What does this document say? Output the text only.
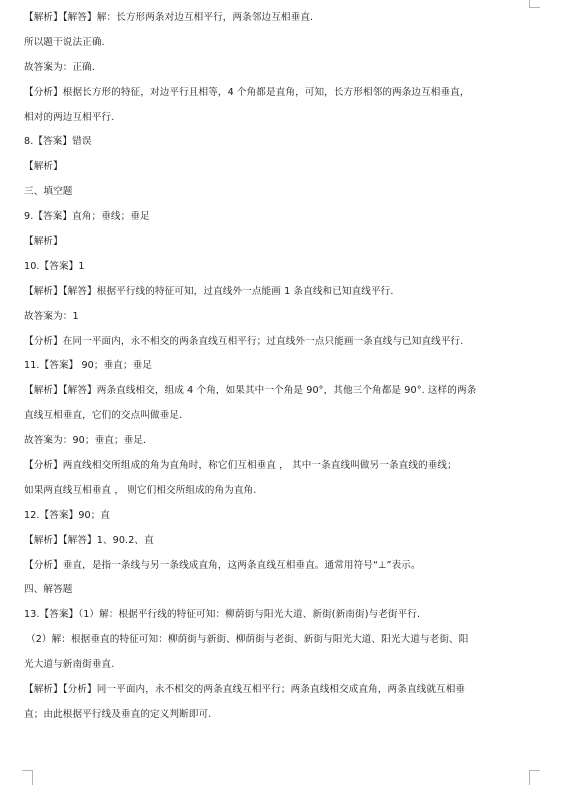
【解析】【解答】解：长方形两条对边互相平行，两条邻边互相垂直.
所以题干说法正确.
故答案为：正确.
【分析】根据长方形的特征，对边平行且相等，4 个角都是直角，可知，长方形相邻的两条边互相垂直，
相对的两边互相平行.
8.【答案】错误
【解析】
三、填空题
9.【答案】直角；垂线；垂足
【解析】
10.【答案】1
【解析】【解答】根据平行线的特征可知，过直线外一点能画 1 条直线和已知直线平行.
故答案为：1
【分析】在同一平面内，永不相交的两条直线互相平行；过直线外一点只能画一条直线与已知直线平行.
11.【答案】 90；垂直；垂足
【解析】【解答】两条直线相交，组成 4 个角，如果其中一个角是 90°，其他三个角都是 90°. 这样的两条
直线互相垂直，它们的交点叫做垂足.
故答案为：90；垂直；垂足.
【分析】两直线相交所组成的角为直角时，称它们互相垂直 ， 其中一条直线叫做另一条直线的垂线；
如果两直线互相垂直 ， 则它们相交所组成的角为直角.
12.【答案】90；直
【解析】【解答】1、90.2、直
【分析】垂直，是指一条线与另一条线成直角，这两条直线互相垂直。通常用符号“⊥”表示。
四、解答题
13.【答案】（1）解：根据平行线的特征可知：柳荫街与阳光大道、新街(新南街)与老街平行.
（2）解：根据垂直的特征可知：柳荫街与新街、柳荫街与老街、新街与阳光大道、阳光大道与老街、阳
光大道与新南街垂直.
【解析】【分析】同一平面内，永不相交的两条直线互相平行；两条直线相交成直角，两条直线就互相垂
直；由此根据平行线及垂直的定义判断即可.
